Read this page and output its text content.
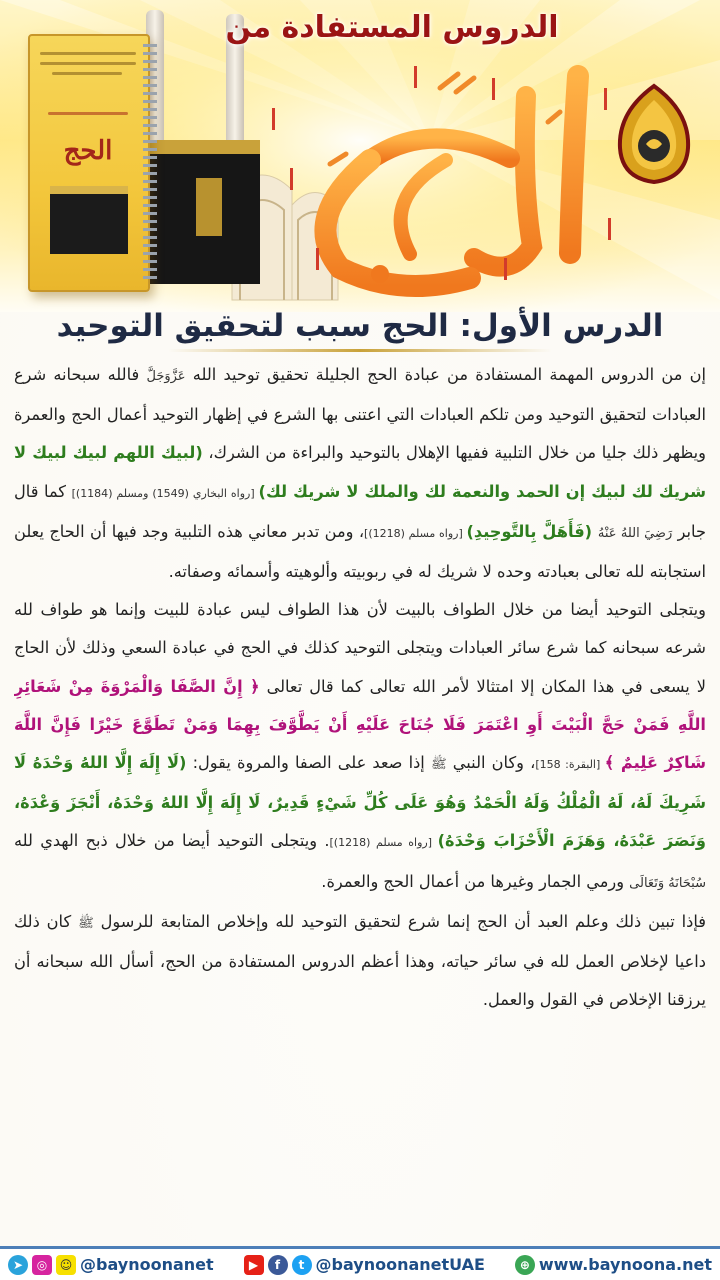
الحج
الدروس المستفادة من
الدرس الأول: الحج سبب لتحقيق التوحيد

إن من الدروس المهمة المستفادة من عبادة الحج الجليلة تحقيق توحيد الله عَزَّوَجَلَّ فالله سبحانه شرع العبادات لتحقيق التوحيد ومن تلكم العبادات التي اعتنى بها الشرع في إظهار التوحيد أعمال الحج والعمرة ويظهر ذلك جليا من خلال التلبية ففيها الإهلال بالتوحيد والبراءة من الشرك، (لبيك اللهم لبيك لبيك لا شريك لك لبيك إن الحمد والنعمة لك والملك لا شريك لك) [رواه البخاري (1549) ومسلم (1184)] كما قال جابر رَضِيَ اللهُ عَنْهُ (فَأَهَلَّ بِالتَّوحِيدِ) [رواه مسلم (1218)]، ومن تدبر معاني هذه التلبية وجد فيها أن الحاج يعلن استجابته لله تعالى بعبادته وحده لا شريك له في ربوبيته وألوهيته وأسمائه وصفاته.

ويتجلى التوحيد أيضا من خلال الطواف بالبيت لأن هذا الطواف ليس عبادة للبيت وإنما هو طواف لله شرعه سبحانه كما شرع سائر العبادات ويتجلى التوحيد كذلك في الحج في عبادة السعي وذلك لأن الحاج لا يسعى في هذا المكان إلا امتثالا لأمر الله تعالى كما قال تعالى ﴿ إِنَّ الصَّفَا وَالْمَرْوَةَ مِنْ شَعَائِرِ اللَّهِ فَمَنْ حَجَّ الْبَيْتَ أَوِ اعْتَمَرَ فَلَا جُنَاحَ عَلَيْهِ أَنْ يَطَّوَّفَ بِهِمَا وَمَنْ تَطَوَّعَ خَيْرًا فَإِنَّ اللَّهَ شَاكِرٌ عَلِيمٌ ﴾ [البقرة: 158]، وكان النبي ﷺ إذا صعد على الصفا والمروة يقول: (لَا إِلَهَ إِلَّا اللهُ وَحْدَهُ لَا شَرِيكَ لَهُ، لَهُ الْمُلْكُ وَلَهُ الْحَمْدُ وَهُوَ عَلَى كُلِّ شَيْءٍ قَدِيرٌ، لَا إِلَهَ إِلَّا اللهُ وَحْدَهُ، أَنْجَزَ وَعْدَهُ، وَنَصَرَ عَبْدَهُ، وَهَزَمَ الْأَحْزَابَ وَحْدَهُ) [رواه مسلم (1218)]. ويتجلى التوحيد أيضا من خلال ذبح الهدي لله سُبْحَانَهُ وَتَعَالَى ورمي الجمار وغيرها من أعمال الحج والعمرة.

فإذا تبين ذلك وعلم العبد أن الحج إنما شرع لتحقيق التوحيد لله وإخلاص المتابعة للرسول ﷺ كان ذلك داعيا لإخلاص العمل لله في سائر حياته، وهذا أعظم الدروس المستفادة من الحج، أسأل الله سبحانه أن يرزقنا الإخلاص في القول والعمل.

➤	◎	☺ @baynoonanet	▶	f	t @baynoonanetUAE	⊕ www.baynoona.net
